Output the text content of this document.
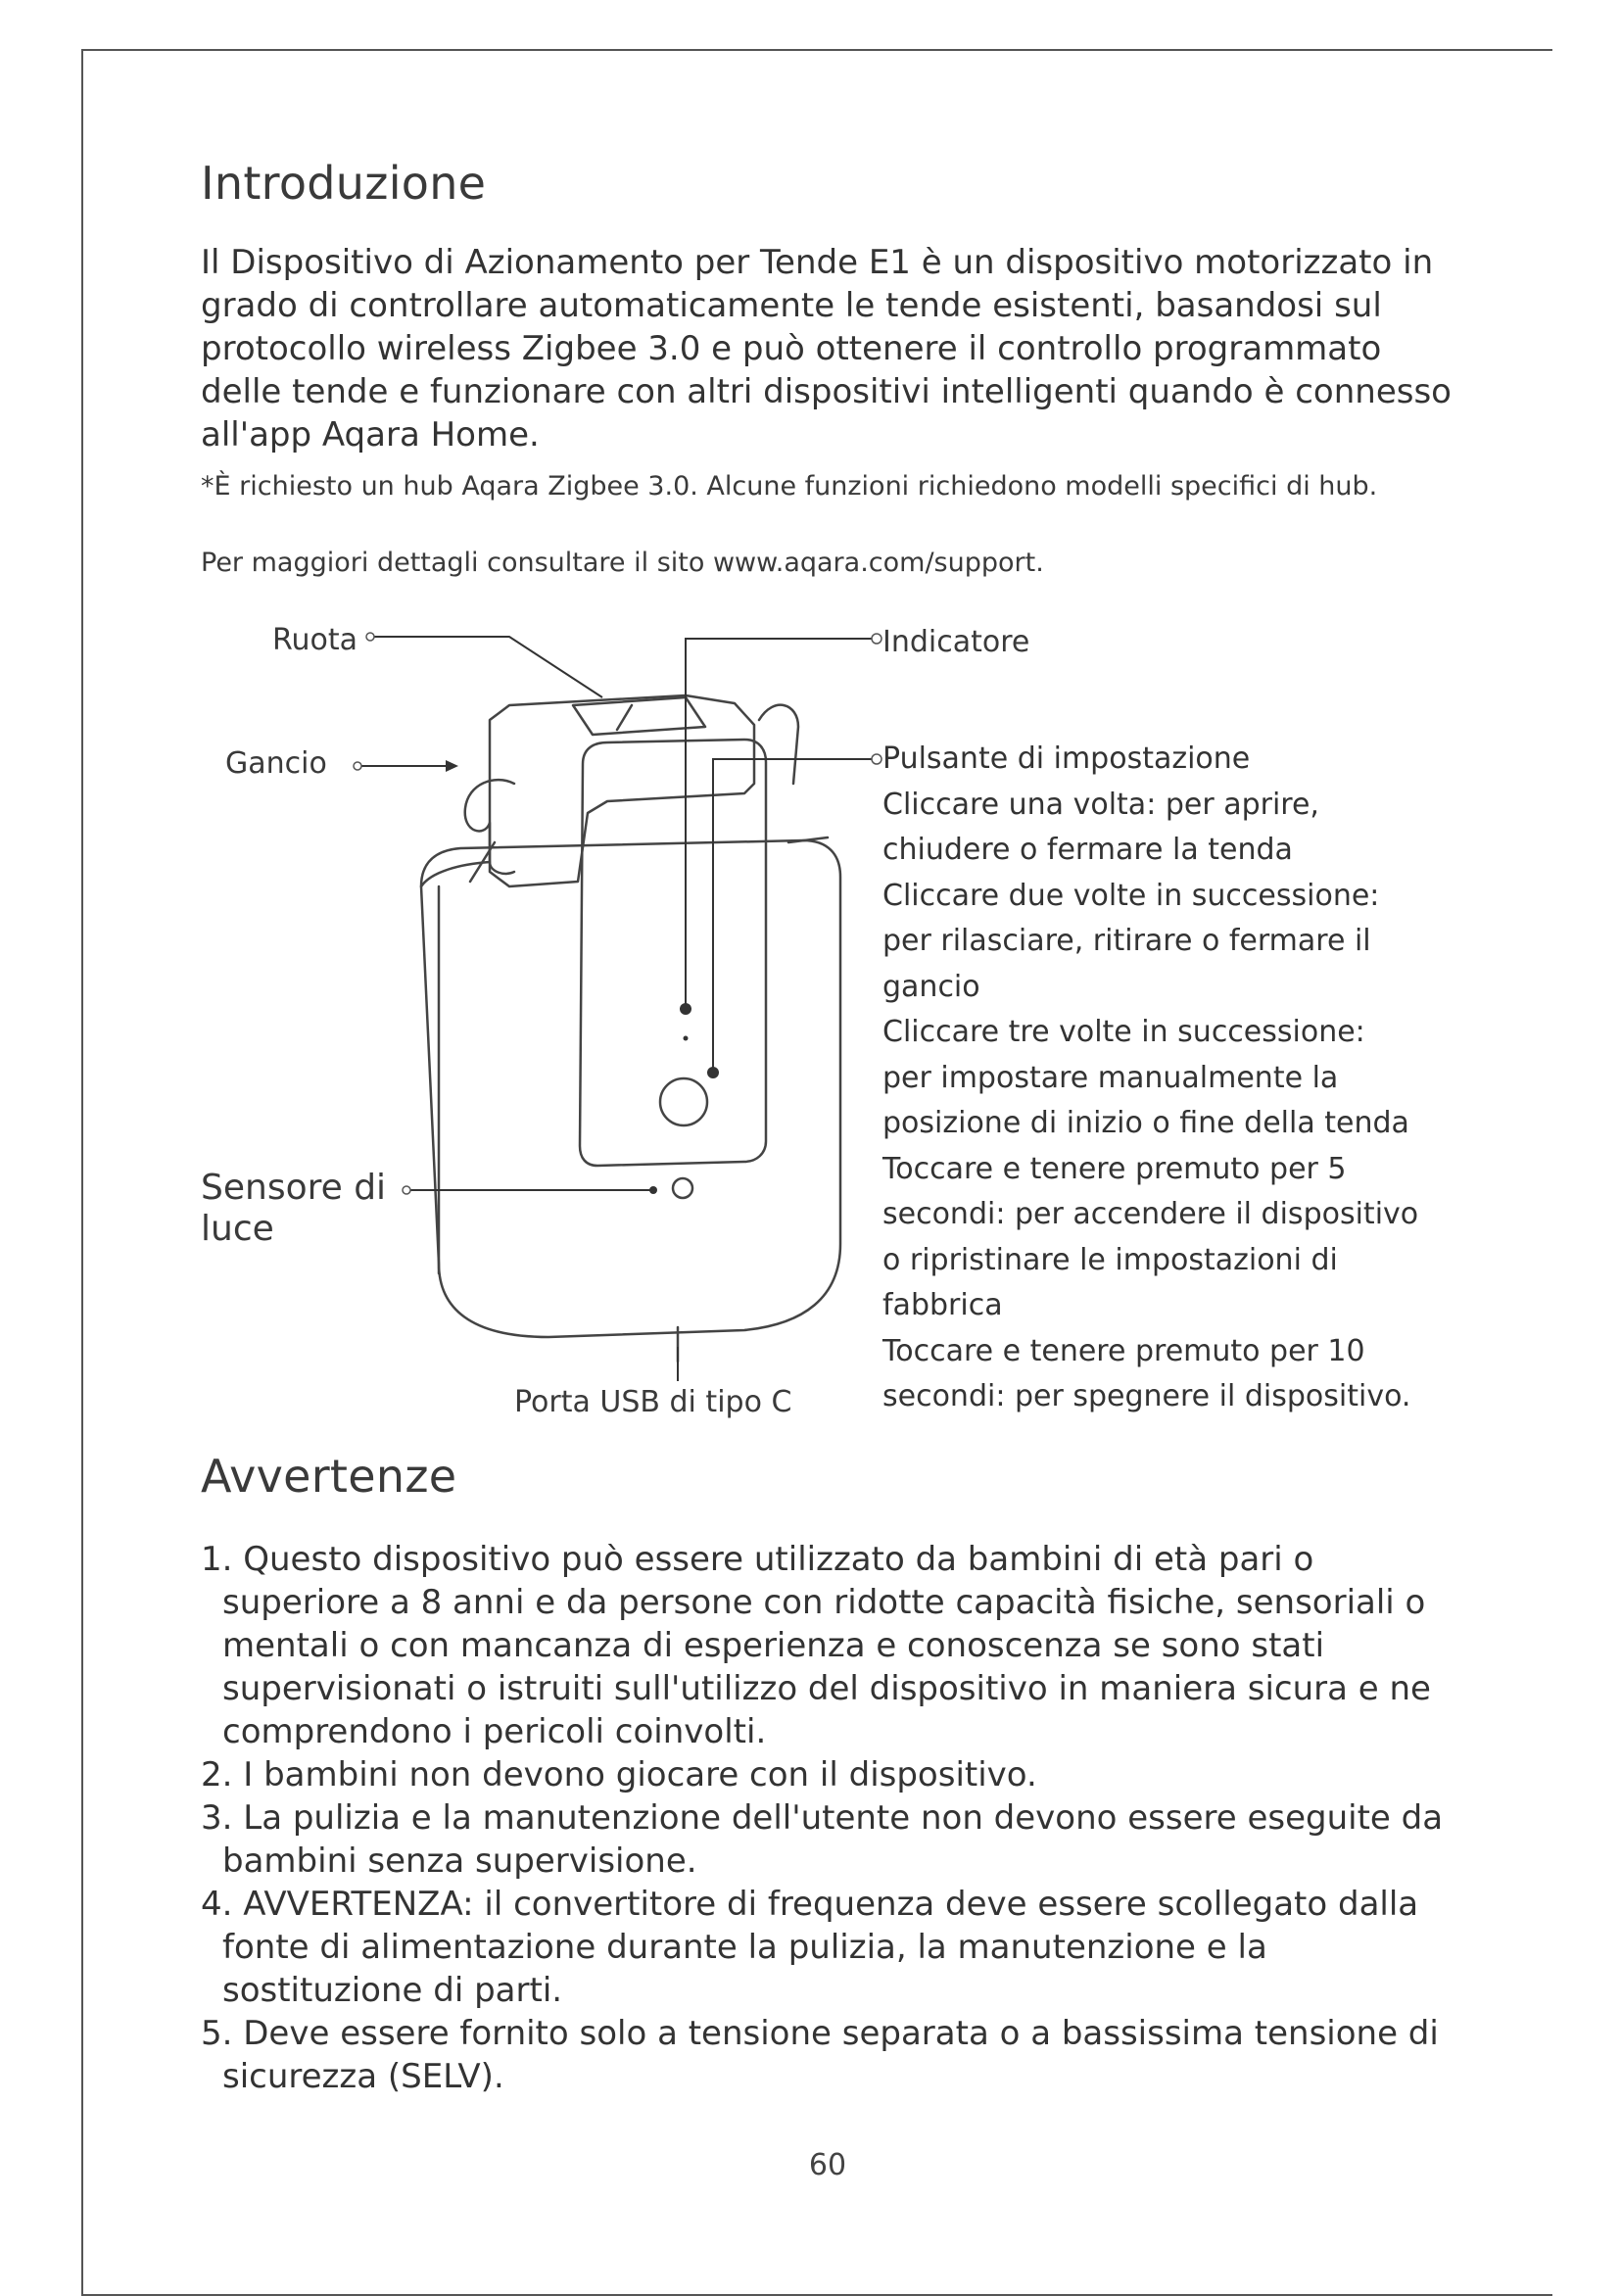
Introduzione

Il Dispositivo di Azionamento per Tende E1 è un dispositivo motorizzato in grado di controllare automaticamente le tende esistenti, basandosi sul protocollo wireless Zigbee 3.0 e può ottenere il controllo programmato delle tende e funzionare con altri dispositivi intelligenti quando è connesso all'app Aqara Home.

*È richiesto un hub Aqara Zigbee 3.0. Alcune funzioni richiedono modelli specifici di hub.

Per maggiori dettagli consultare il sito www.aqara.com/support.

Ruota
Gancio
Sensore di luce
Porta USB di tipo C
Indicatore
Pulsante di impostazione
Cliccare una volta: per aprire,
chiudere o fermare la tenda
Cliccare due volte in successione:
per rilasciare, ritirare o fermare il
gancio
Cliccare tre volte in successione:
per impostare manualmente la
posizione di inizio o fine della tenda
Toccare e tenere premuto per 5
secondi: per accendere il dispositivo
o ripristinare le impostazioni di
fabbrica
Toccare e tenere premuto per 10
secondi: per spegnere il dispositivo.
Avvertenze
1. Questo dispositivo può essere utilizzato da bambini di età pari o superiore a 8 anni e da persone con ridotte capacità fisiche, sensoriali o mentali o con mancanza di esperienza e conoscenza se sono stati supervisionati o istruiti sull'utilizzo del dispositivo in maniera sicura e ne comprendono i pericoli coinvolti.
2. I bambini non devono giocare con il dispositivo.
3. La pulizia e la manutenzione dell'utente non devono essere eseguite da bambini senza supervisione.
4. AVVERTENZA: il convertitore di frequenza deve essere scollegato dalla fonte di alimentazione durante la pulizia, la manutenzione e la sostituzione di parti.
5. Deve essere fornito solo a tensione separata o a bassissima tensione di sicurezza (SELV).
60
